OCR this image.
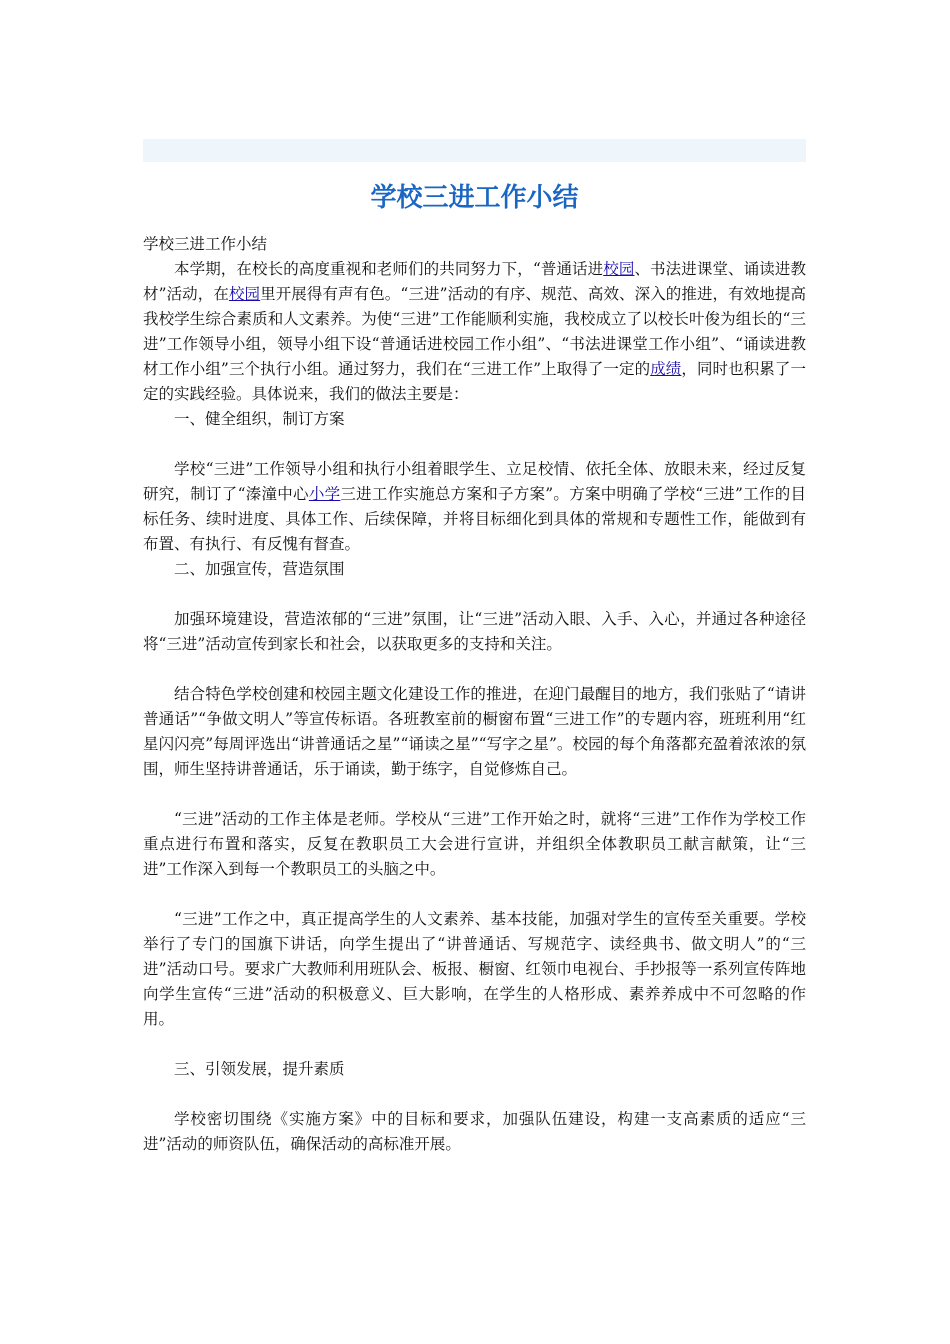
学校三进工作小结

学校三进工作小结

本学期，在校长的高度重视和老师们的共同努力下，“普通话进校园、书法进课堂、诵读进教材”活动，在校园里开展得有声有色。“三进”活动的有序、规范、高效、深入的推进，有效地提高我校学生综合素质和人文素养。为使“三进”工作能顺利实施，我校成立了以校长叶俊为组长的“三进”工作领导小组，领导小组下设“普通话进校园工作小组”、“书法进课堂工作小组”、“诵读进教材工作小组”三个执行小组。通过努力，我们在“三进工作”上取得了一定的成绩，同时也积累了一定的实践经验。具体说来，我们的做法主要是：

一、健全组织，制订方案

学校“三进”工作领导小组和执行小组着眼学生、立足校情、依托全体、放眼未来，经过反复研究，制订了“溱潼中心小学三进工作实施总方案和子方案”。方案中明确了学校“三进”工作的目标任务、续时进度、具体工作、后续保障，并将目标细化到具体的常规和专题性工作，能做到有布置、有执行、有反愧有督查。

二、加强宣传，营造氛围

加强环境建设，营造浓郁的“三进”氛围，让“三进”活动入眼、入手、入心，并通过各种途径将“三进”活动宣传到家长和社会，以获取更多的支持和关注。

结合特色学校创建和校园主题文化建设工作的推进，在迎门最醒目的地方，我们张贴了“请讲普通话”“争做文明人”等宣传标语。各班教室前的橱窗布置“三进工作”的专题内容，班班利用“红星闪闪亮”每周评选出“讲普通话之星”“诵读之星”“写字之星”。校园的每个角落都充盈着浓浓的氛围，师生坚持讲普通话，乐于诵读，勤于练字，自觉修炼自己。

“三进”活动的工作主体是老师。学校从“三进”工作开始之时，就将“三进”工作作为学校工作重点进行布置和落实，反复在教职员工大会进行宣讲，并组织全体教职员工献言献策，让“三进”工作深入到每一个教职员工的头脑之中。

“三进”工作之中，真正提高学生的人文素养、基本技能，加强对学生的宣传至关重要。学校举行了专门的国旗下讲话，向学生提出了“讲普通话、写规范字、读经典书、做文明人”的“三进”活动口号。要求广大教师利用班队会、板报、橱窗、红领巾电视台、手抄报等一系列宣传阵地向学生宣传“三进”活动的积极意义、巨大影响，在学生的人格形成、素养养成中不可忽略的作用。

三、引领发展，提升素质

学校密切围绕《实施方案》中的目标和要求，加强队伍建设，构建一支高素质的适应“三进”活动的师资队伍，确保活动的高标准开展。
